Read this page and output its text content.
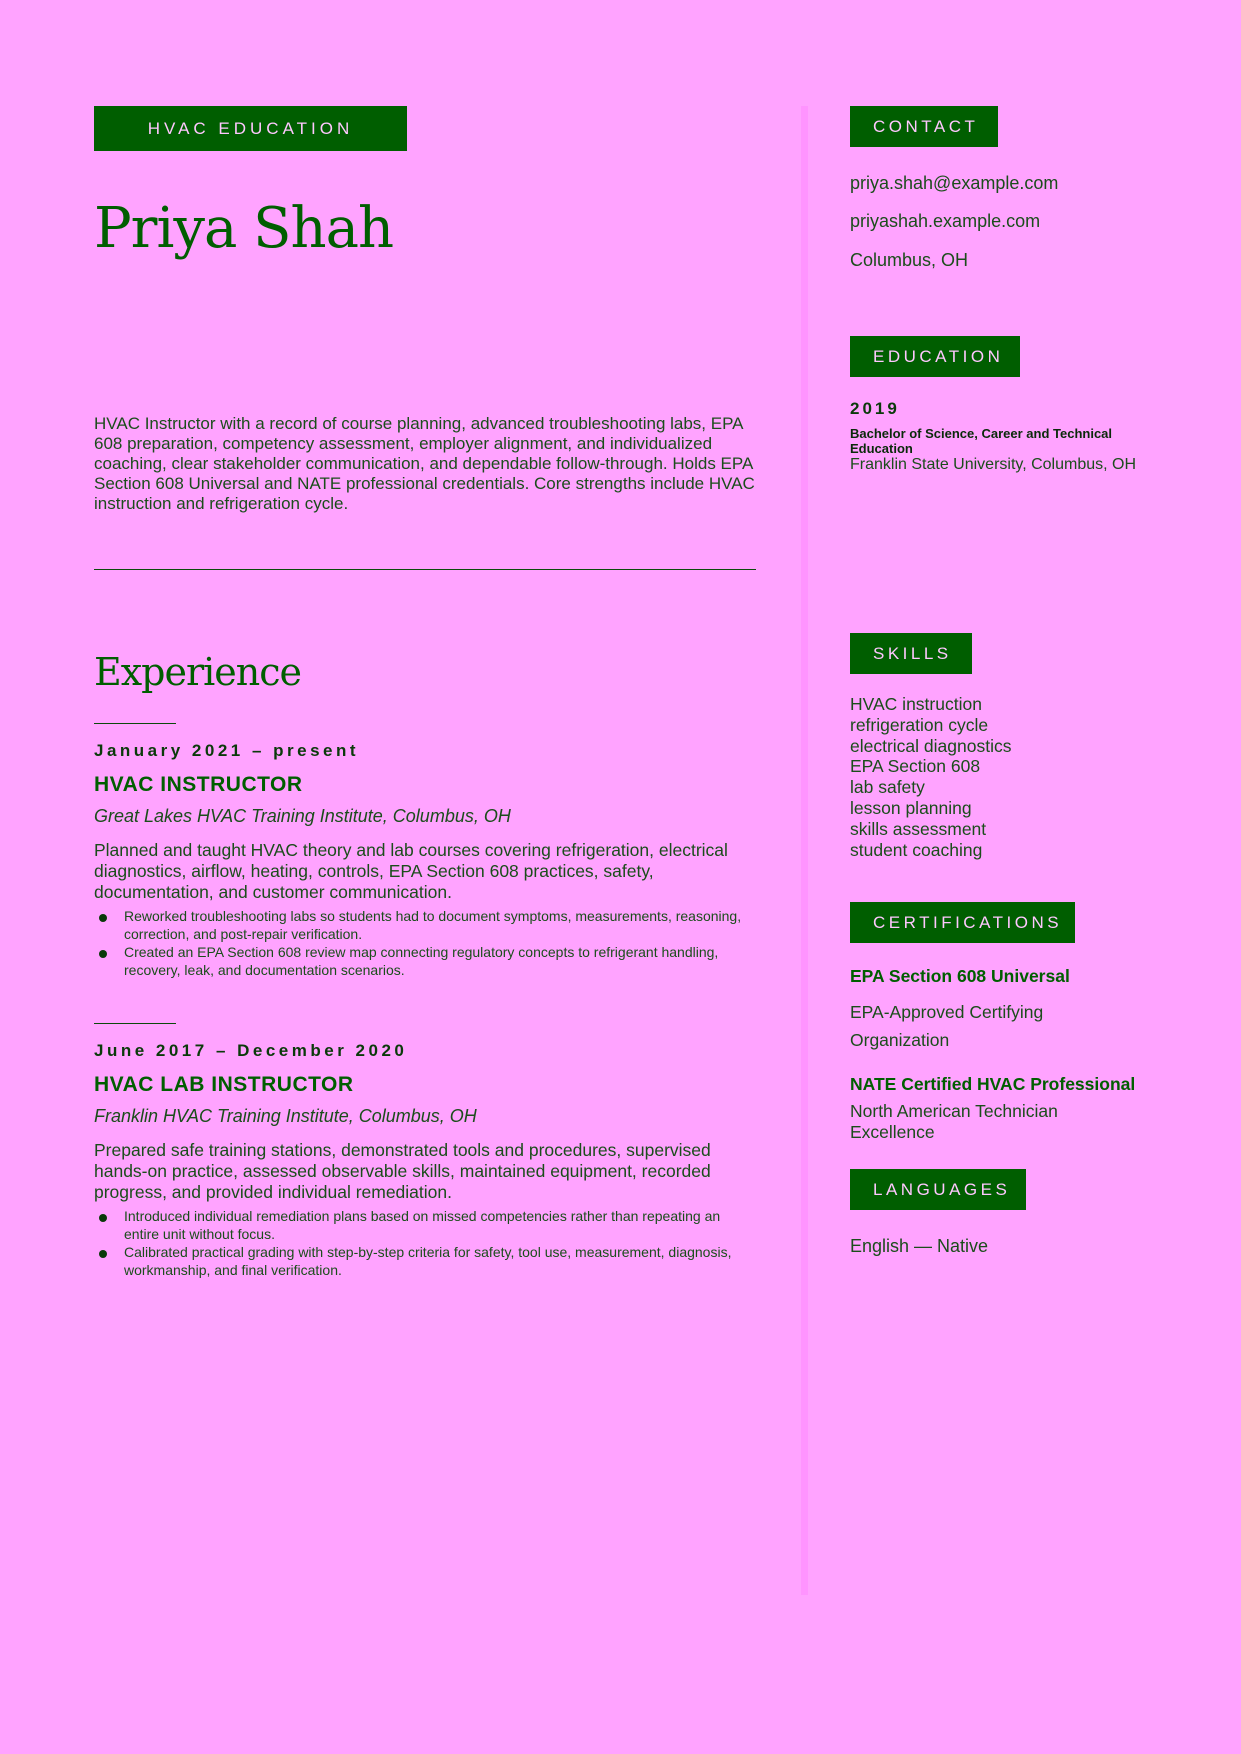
HVAC EDUCATION
Priya Shah
HVAC Instructor with a record of course planning, advanced troubleshooting labs, EPA 608 preparation, competency assessment, employer alignment, and individualized coaching, clear stakeholder communication, and dependable follow-through. Holds EPA Section 608 Universal and NATE professional credentials. Core strengths include HVAC instruction and refrigeration cycle.
Experience
January 2021 – present
HVAC INSTRUCTOR
Great Lakes HVAC Training Institute, Columbus, OH
Planned and taught HVAC theory and lab courses covering refrigeration, electrical diagnostics, airflow, heating, controls, EPA Section 608 practices, safety, documentation, and customer communication.
Reworked troubleshooting labs so students had to document symptoms, measurements, reasoning, correction, and post-repair verification.
Created an EPA Section 608 review map connecting regulatory concepts to refrigerant handling, recovery, leak, and documentation scenarios.
June 2017 – December 2020
HVAC LAB INSTRUCTOR
Franklin HVAC Training Institute, Columbus, OH
Prepared safe training stations, demonstrated tools and procedures, supervised hands-on practice, assessed observable skills, maintained equipment, recorded progress, and provided individual remediation.
Introduced individual remediation plans based on missed competencies rather than repeating an entire unit without focus.
Calibrated practical grading with step-by-step criteria for safety, tool use, measurement, diagnosis, workmanship, and final verification.
CONTACT
priya.shah@example.com
priyashah.example.com
Columbus, OH
EDUCATION
2019
Bachelor of Science, Career and Technical Education
Franklin State University, Columbus, OH
SKILLS
HVAC instruction
refrigeration cycle
electrical diagnostics
EPA Section 608
lab safety
lesson planning
skills assessment
student coaching
CERTIFICATIONS
EPA Section 608 Universal
EPA-Approved Certifying Organization
NATE Certified HVAC Professional
North American Technician Excellence
LANGUAGES
English — Native
